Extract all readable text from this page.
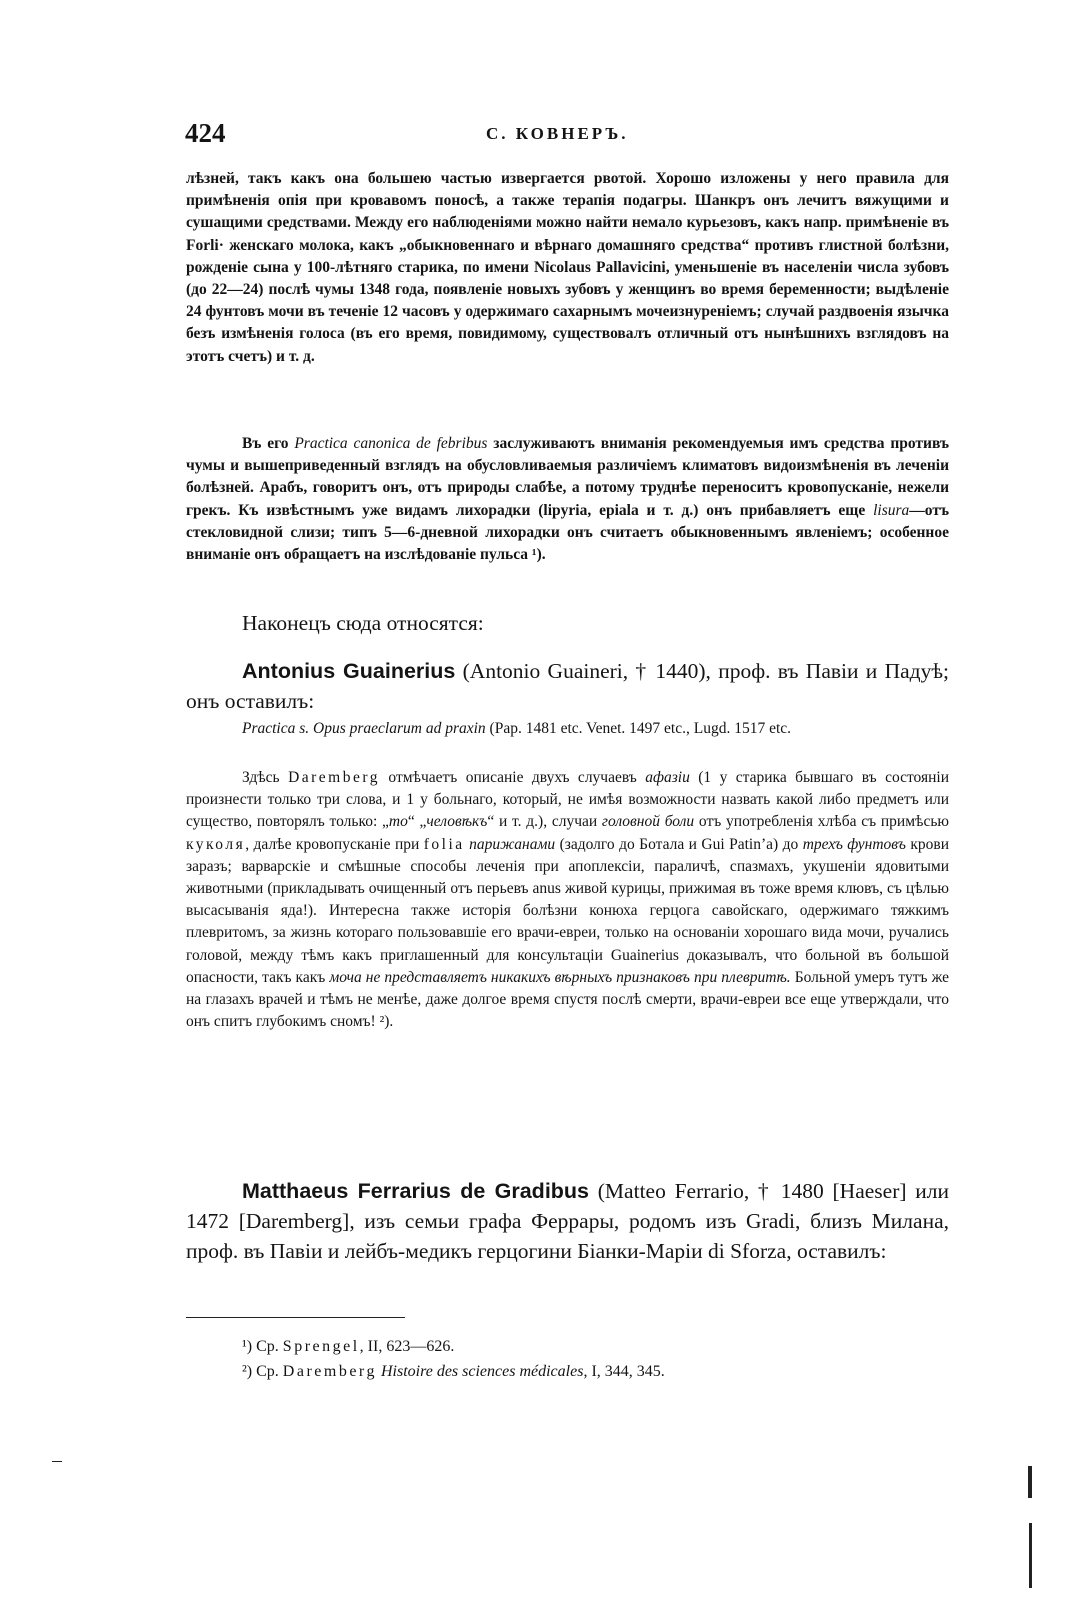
424	С. КОВНЕРЪ.

лѣзней, такъ какъ она большею частью извергается рвотой. Хорошо изложены у него правила для примѣненія опія при кровавомъ поносѣ, а также терапія подагры. Шанкръ онъ лечитъ вяжущими и сушащими средствами. Между его наблюденіями можно найти немало курьезовъ, какъ напр. примѣненіе въ Forli· женскаго молока, какъ „обыкновеннаго и вѣрнаго домашняго средства“ противъ глистной болѣзни, рожденіе сына у 100-лѣтняго старика, по имени Nicolaus Pallavicini, уменьшеніе въ населеніи числа зубовъ (до 22—24) послѣ чумы 1348 года, появленіе новыхъ зубовъ у женщинъ во время беременности; выдѣленіе 24 фунтовъ мочи въ теченіе 12 часовъ у одержимаго сахарнымъ мочеизнуреніемъ; случай раздвоенія язычка безъ измѣненія голоса (въ его время, повидимому, существовалъ отличный отъ нынѣшнихъ взглядовъ на этотъ счетъ) и т. д.

Въ его Practica canonica de febribus заслуживаютъ вниманія рекомендуемыя имъ средства противъ чумы и вышеприведенный взглядъ на обусловливаемыя различіемъ климатовъ видоизмѣненія въ леченіи болѣзней. Арабъ, говоритъ онъ, отъ природы слабѣе, а потому труднѣе переноситъ кровопусканіе, нежели грекъ. Къ извѣстнымъ уже видамъ лихорадки (lipyria, epiala и т. д.) онъ прибавляетъ еще lisura—отъ стекловидной слизи; типъ 5—6-дневной лихорадки онъ считаетъ обыкновеннымъ явленіемъ; особенное вниманіе онъ обращаетъ на изслѣдованіе пульса ¹).

Наконецъ сюда относятся:

Antonius Guainerius (Antonio Guaineri, † 1440), проф. въ Павіи и Падуѣ; онъ оставилъ:

Practica s. Opus praeclarum ad praxin (Pap. 1481 etc. Venet. 1497 etc., Lugd. 1517 etc.

Здѣсь Daremberg отмѣчаетъ описаніе двухъ случаевъ афазіи (1 у старика бывшаго въ состояніи произнести только три слова, и 1 у больнаго, который, не имѣя возможности назвать какой либо предметъ или существо, повторялъ только: „то“ „человѣкъ“ и т. д.), случаи головной боли отъ употребленія хлѣба съ примѣсью куколя, далѣе кровопусканіе при folia парижанами (задолго до Ботала и Gui Patin’a) до трехъ фунтовъ крови заразъ; варварскіе и смѣшные способы леченія при апоплексіи, параличѣ, спазмахъ, укушеніи ядовитыми животными (прикладывать очищенный отъ перьевъ anus живой курицы, прижимая въ тоже время клювъ, съ цѣлью высасыванія яда!). Интересна также исторія болѣзни конюха герцога савойскаго, одержимаго тяжкимъ плевритомъ, за жизнь котораго пользовавшіе его врачи-евреи, только на основаніи хорошаго вида мочи, ручались головой, между тѣмъ какъ приглашенный для консультаціи Guainerius доказывалъ, что больной въ большой опасности, такъ какъ моча не представляетъ никакихъ вѣрныхъ признаковъ при плевритѣ. Больной умеръ тутъ же на глазахъ врачей и тѣмъ не менѣе, даже долгое время спустя послѣ смерти, врачи-евреи все еще утверждали, что онъ спитъ глубокимъ сномъ! ²).

Matthaeus Ferrarius de Gradibus (Matteo Ferrario, † 1480 [Haeser] или 1472 [Daremberg], изъ семьи графа Феррары, родомъ изъ Gradi, близъ Милана, проф. въ Павіи и лейбъ-медикъ герцогини Біанки-Маріи di Sforza, оставилъ:

¹) Cp. Sprengel, II, 623—626.

²) Cp. Daremberg Histoire des sciences médicales, I, 344, 345.
